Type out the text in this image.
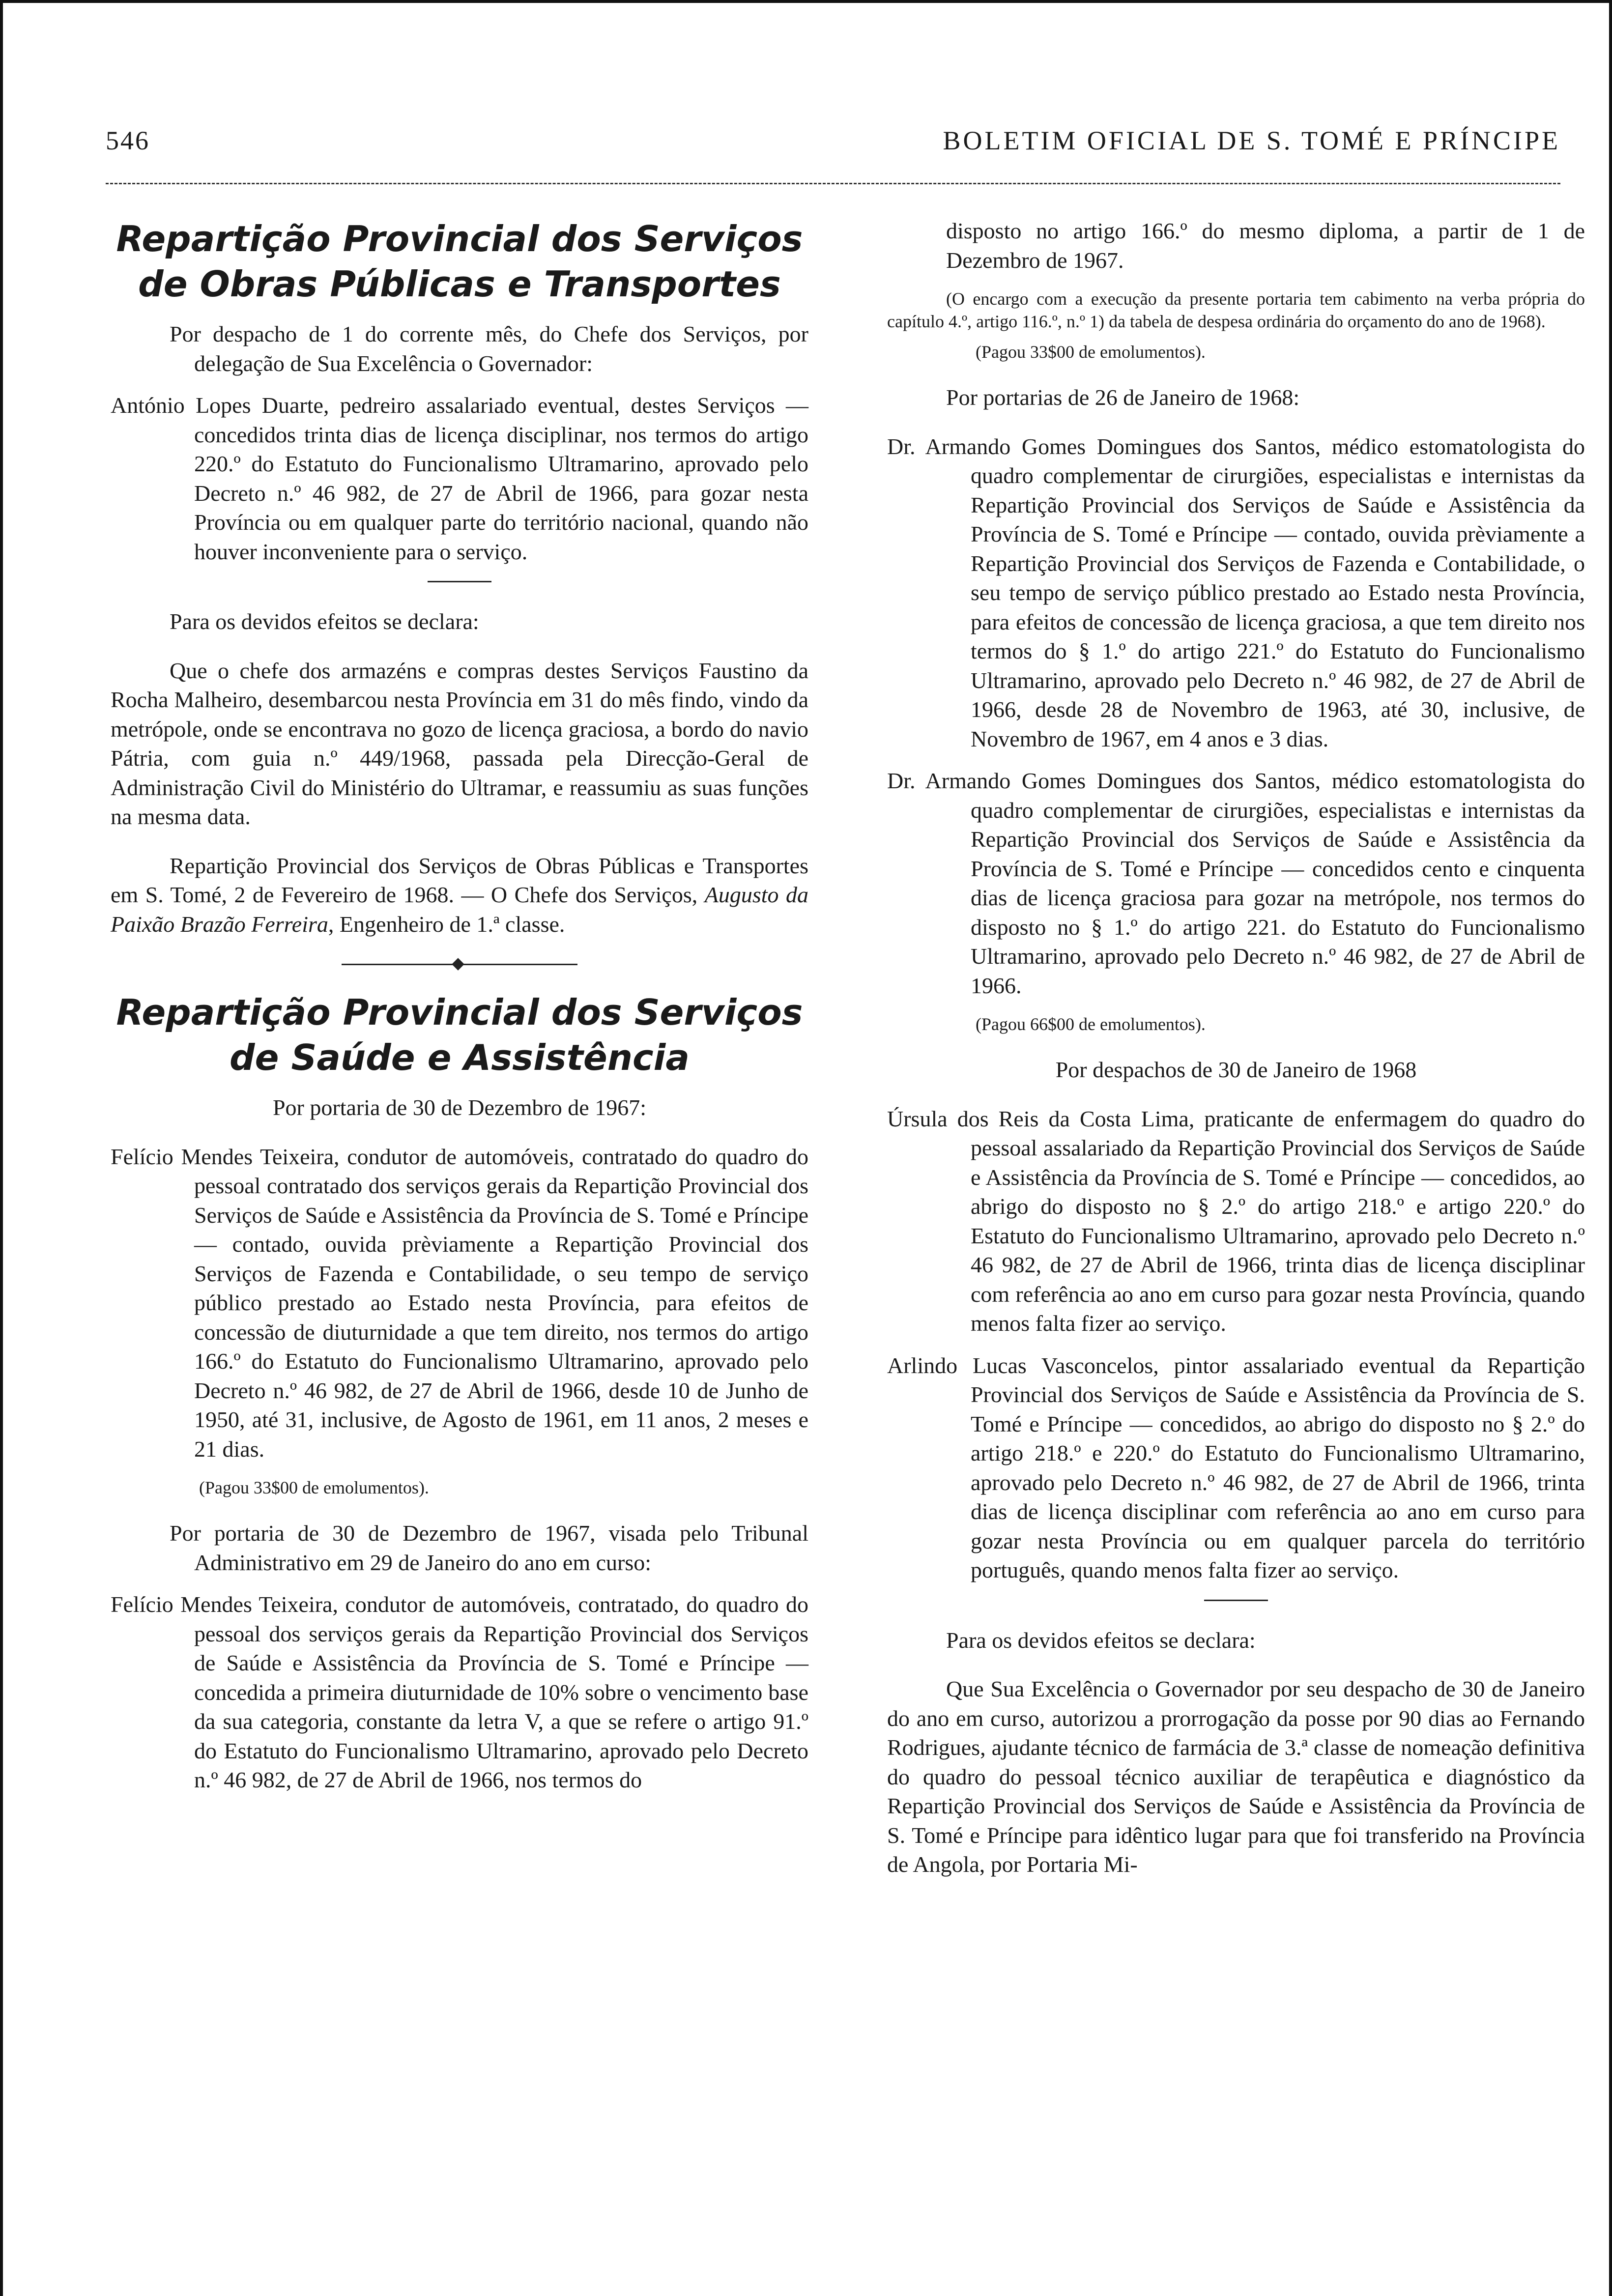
546	BOLETIM OFICIAL DE S. TOMÉ E PRÍNCIPE
Repartição Provincial dos Serviços
de Obras Públicas e Transportes

Por despacho de 1 do corrente mês, do Chefe dos Serviços, por delegação de Sua Excelência o Governador:

António Lopes Duarte, pedreiro assalariado eventual, destes Serviços — concedidos trinta dias de licença disciplinar, nos termos do artigo 220.º do Estatuto do Funcionalismo Ultramarino, aprovado pelo Decreto n.º 46 982, de 27 de Abril de 1966, para gozar nesta Província ou em qualquer parte do território nacional, quando não houver inconveniente para o serviço.

Para os devidos efeitos se declara:

Que o chefe dos armazéns e compras destes Serviços Faustino da Rocha Malheiro, desembarcou nesta Província em 31 do mês findo, vindo da metrópole, onde se encontrava no gozo de licença graciosa, a bordo do navio Pátria, com guia n.º 449/1968, passada pela Direcção-Geral de Administração Civil do Ministério do Ultramar, e reassumiu as suas funções na mesma data.

Repartição Provincial dos Serviços de Obras Públicas e Transportes em S. Tomé, 2 de Fevereiro de 1968. — O Chefe dos Serviços, Augusto da Paixão Brazão Ferreira, Engenheiro de 1.ª classe.

Repartição Provincial dos Serviços
de Saúde e Assistência

Por portaria de 30 de Dezembro de 1967:

Felício Mendes Teixeira, condutor de automóveis, contratado do quadro do pessoal contratado dos serviços gerais da Repartição Provincial dos Serviços de Saúde e Assistência da Província de S. Tomé e Príncipe — contado, ouvida prèviamente a Repartição Provincial dos Serviços de Fazenda e Contabilidade, o seu tempo de serviço público prestado ao Estado nesta Província, para efeitos de concessão de diuturnidade a que tem direito, nos termos do artigo 166.º do Estatuto do Funcionalismo Ultramarino, aprovado pelo Decreto n.º 46 982, de 27 de Abril de 1966, desde 10 de Junho de 1950, até 31, inclusive, de Agosto de 1961, em 11 anos, 2 meses e 21 dias.

(Pagou 33$00 de emolumentos).

Por portaria de 30 de Dezembro de 1967, visada pelo Tribunal Administrativo em 29 de Janeiro do ano em curso:

Felício Mendes Teixeira, condutor de automóveis, contratado, do quadro do pessoal dos serviços gerais da Repartição Provincial dos Serviços de Saúde e Assistência da Província de S. Tomé e Príncipe — concedida a primeira diuturnidade de 10% sobre o vencimento base da sua categoria, constante da letra V, a que se refere o artigo 91.º do Estatuto do Funcionalismo Ultramarino, aprovado pelo Decreto n.º 46 982, de 27 de Abril de 1966, nos termos do

disposto no artigo 166.º do mesmo diploma, a partir de 1 de Dezembro de 1967.

(O encargo com a execução da presente portaria tem cabimento na verba própria do capítulo 4.º, artigo 116.º, n.º 1) da tabela de despesa ordinária do orçamento do ano de 1968).

(Pagou 33$00 de emolumentos).

Por portarias de 26 de Janeiro de 1968:

Dr. Armando Gomes Domingues dos Santos, médico estomatologista do quadro complementar de cirurgiões, especialistas e internistas da Repartição Provincial dos Serviços de Saúde e Assistência da Província de S. Tomé e Príncipe — contado, ouvida prèviamente a Repartição Provincial dos Serviços de Fazenda e Contabilidade, o seu tempo de serviço público prestado ao Estado nesta Província, para efeitos de concessão de licença graciosa, a que tem direito nos termos do § 1.º do artigo 221.º do Estatuto do Funcionalismo Ultramarino, aprovado pelo Decreto n.º 46 982, de 27 de Abril de 1966, desde 28 de Novembro de 1963, até 30, inclusive, de Novembro de 1967, em 4 anos e 3 dias.

Dr. Armando Gomes Domingues dos Santos, médico estomatologista do quadro complementar de cirurgiões, especialistas e internistas da Repartição Provincial dos Serviços de Saúde e Assistência da Província de S. Tomé e Príncipe — concedidos cento e cinquenta dias de licença graciosa para gozar na metrópole, nos termos do disposto no § 1.º do artigo 221. do Estatuto do Funcionalismo Ultramarino, aprovado pelo Decreto n.º 46 982, de 27 de Abril de 1966.

(Pagou 66$00 de emolumentos).

Por despachos de 30 de Janeiro de 1968

Úrsula dos Reis da Costa Lima, praticante de enfermagem do quadro do pessoal assalariado da Repartição Provincial dos Serviços de Saúde e Assistência da Província de S. Tomé e Príncipe — concedidos, ao abrigo do disposto no § 2.º do artigo 218.º e artigo 220.º do Estatuto do Funcionalismo Ultramarino, aprovado pelo Decreto n.º 46 982, de 27 de Abril de 1966, trinta dias de licença disciplinar com referência ao ano em curso para gozar nesta Província, quando menos falta fizer ao serviço.

Arlindo Lucas Vasconcelos, pintor assalariado eventual da Repartição Provincial dos Serviços de Saúde e Assistência da Província de S. Tomé e Príncipe — concedidos, ao abrigo do disposto no § 2.º do artigo 218.º e 220.º do Estatuto do Funcionalismo Ultramarino, aprovado pelo Decreto n.º 46 982, de 27 de Abril de 1966, trinta dias de licença disciplinar com referência ao ano em curso para gozar nesta Província ou em qualquer parcela do território português, quando menos falta fizer ao serviço.

Para os devidos efeitos se declara:

Que Sua Excelência o Governador por seu despacho de 30 de Janeiro do ano em curso, autorizou a prorrogação da posse por 90 dias ao Fernando Rodrigues, ajudante técnico de farmácia de 3.ª classe de nomeação definitiva do quadro do pessoal técnico auxiliar de terapêutica e diagnóstico da Repartição Provincial dos Serviços de Saúde e Assistência da Província de S. Tomé e Príncipe para idêntico lugar para que foi transferido na Província de Angola, por Portaria Mi-
